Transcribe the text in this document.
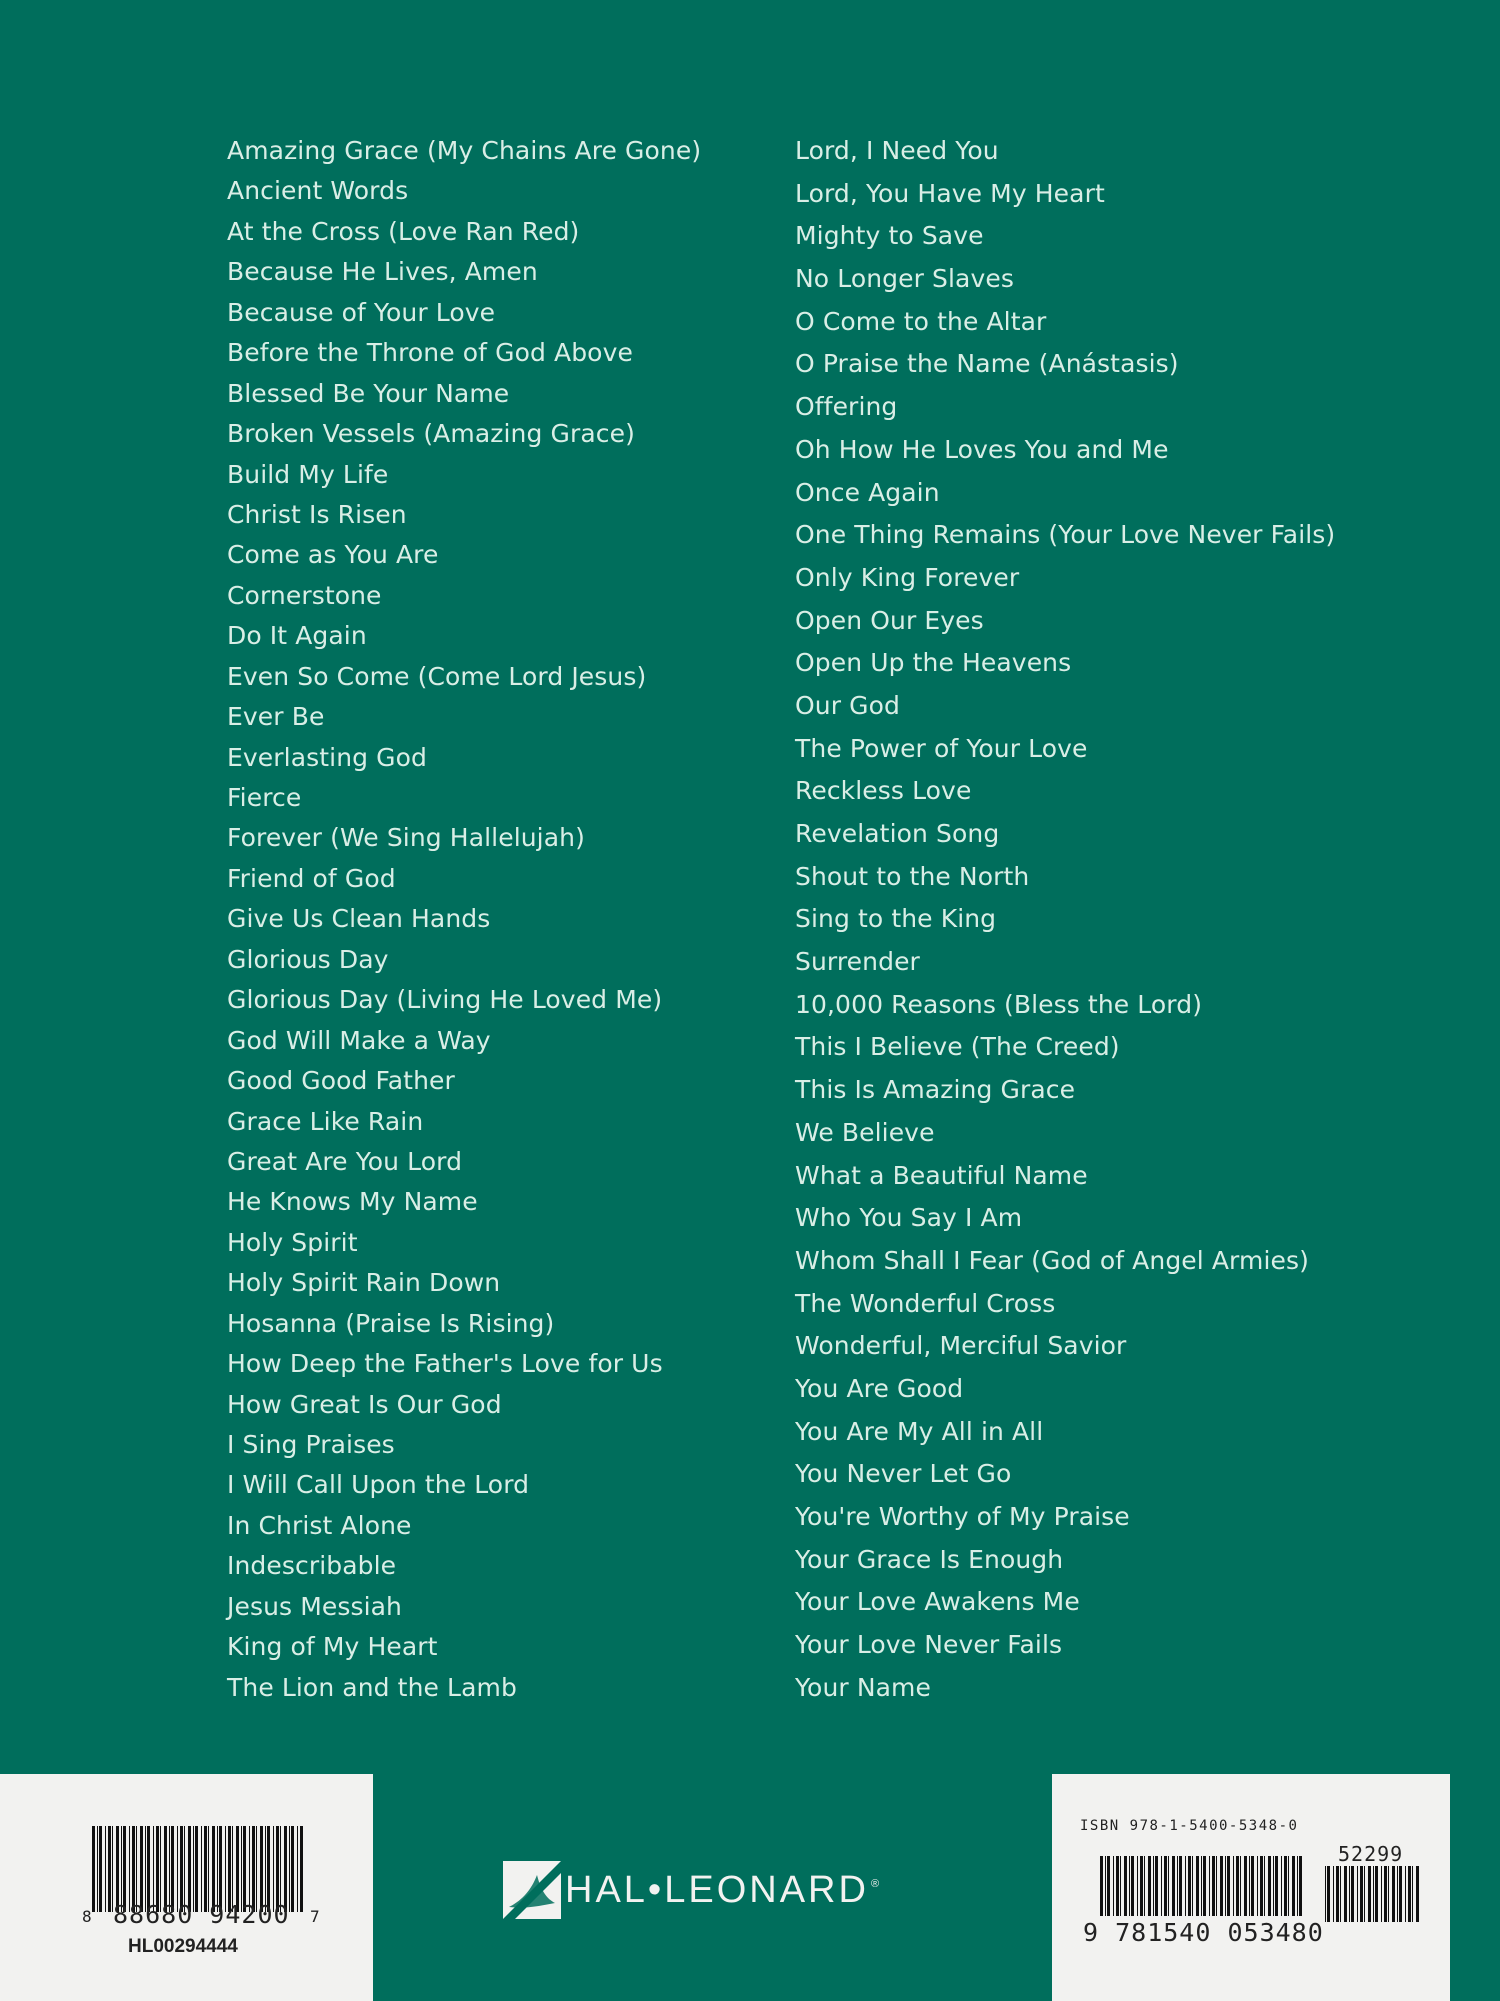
Amazing Grace (My Chains Are Gone)
Ancient Words
At the Cross (Love Ran Red)
Because He Lives, Amen
Because of Your Love
Before the Throne of God Above
Blessed Be Your Name
Broken Vessels (Amazing Grace)
Build My Life
Christ Is Risen
Come as You Are
Cornerstone
Do It Again
Even So Come (Come Lord Jesus)
Ever Be
Everlasting God
Fierce
Forever (We Sing Hallelujah)
Friend of God
Give Us Clean Hands
Glorious Day
Glorious Day (Living He Loved Me)
God Will Make a Way
Good Good Father
Grace Like Rain
Great Are You Lord
He Knows My Name
Holy Spirit
Holy Spirit Rain Down
Hosanna (Praise Is Rising)
How Deep the Father's Love for Us
How Great Is Our God
I Sing Praises
I Will Call Upon the Lord
In Christ Alone
Indescribable
Jesus Messiah
King of My Heart
The Lion and the Lamb
Lord, I Need You
Lord, You Have My Heart
Mighty to Save
No Longer Slaves
O Come to the Altar
O Praise the Name (Anástasis)
Offering
Oh How He Loves You and Me
Once Again
One Thing Remains (Your Love Never Fails)
Only King Forever
Open Our Eyes
Open Up the Heavens
Our God
The Power of Your Love
Reckless Love
Revelation Song
Shout to the North
Sing to the King
Surrender
10,000 Reasons (Bless the Lord)
This I Believe (The Creed)
This Is Amazing Grace
We Believe
What a Beautiful Name
Who You Say I Am
Whom Shall I Fear (God of Angel Armies)
The Wonderful Cross
Wonderful, Merciful Savior
You Are Good
You Are My All in All
You Never Let Go
You're Worthy of My Praise
Your Grace Is Enough
Your Love Awakens Me
Your Love Never Fails
Your Name
8 88680 94200 7
HL00294444
ISBN 978-1-5400-5348-0
9 781540 053480
52299
HAL•LEONARD ®
